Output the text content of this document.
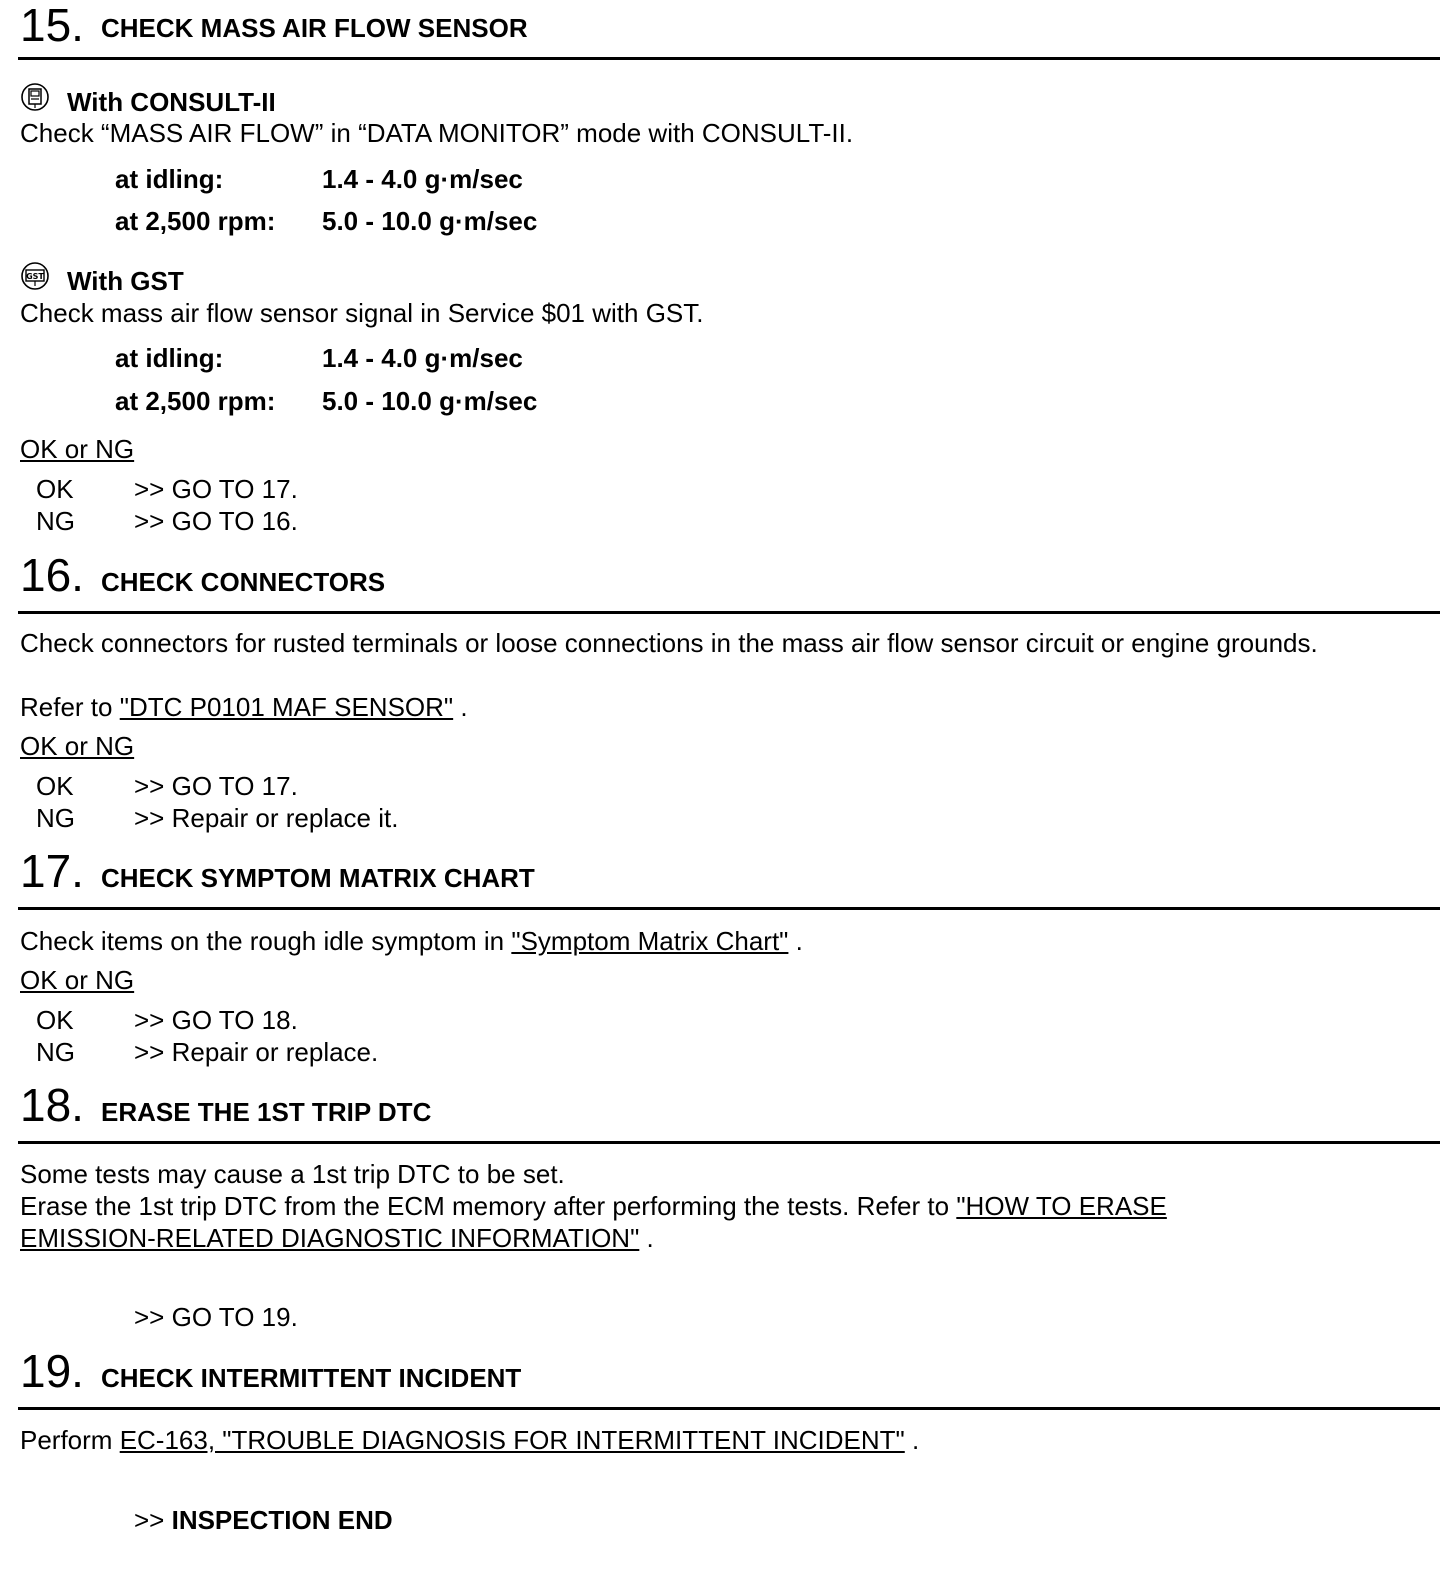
15. CHECK MASS AIR FLOW SENSOR
With CONSULT-II
Check “MASS AIR FLOW” in “DATA MONITOR” mode with CONSULT-II.
at idling:	1.4 - 4.0 g·m/sec
at 2,500 rpm: 5.0 - 10.0 g·m/sec
GST With GST
Check mass air flow sensor signal in Service $01 with GST.
at idling:	1.4 - 4.0 g·m/sec
at 2,500 rpm: 5.0 - 10.0 g·m/sec
OK or NG
OK >> GO TO 17.
NG >> GO TO 16.
16. CHECK CONNECTORS
Check connectors for rusted terminals or loose connections in the mass air flow sensor circuit or engine grounds.
Refer to "DTC P0101 MAF SENSOR" .
OK or NG
OK >> GO TO 17.
NG >> Repair or replace it.
17. CHECK SYMPTOM MATRIX CHART
Check items on the rough idle symptom in "Symptom Matrix Chart" .
OK or NG
OK >> GO TO 18.
NG >> Repair or replace.
18. ERASE THE 1ST TRIP DTC
Some tests may cause a 1st trip DTC to be set.
Erase the 1st trip DTC from the ECM memory after performing the tests. Refer to "HOW TO ERASE
EMISSION-RELATED DIAGNOSTIC INFORMATION" .
>> GO TO 19.
19. CHECK INTERMITTENT INCIDENT
Perform EC-163, "TROUBLE DIAGNOSIS FOR INTERMITTENT INCIDENT" .
>> INSPECTION END
